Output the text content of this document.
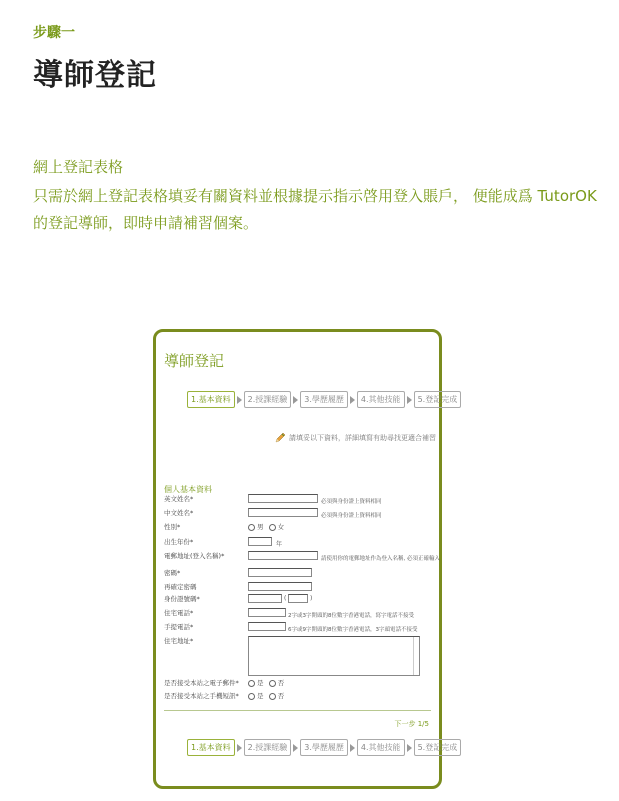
步驟一
導師登記
網上登記表格
只需於網上登記表格填妥有關資料並根據提示指示啓用登入賬戶， 便能成爲 TutorOK 的登記導師，即時申請補習個案。
導師登記
1.基本資料	2.授課經驗	3.學歷履歷	4.其他技能	5.登記完成
請填妥以下資料，詳細填寫有助尋找更適合補習
個人基本資料
英文姓名*	必須與身份證上資料相同
中文姓名*	必須與身份證上資料相同
性別*	男 女
出生年份*	年
電郵地址(登入名稱)*	請使用你的電郵地址作為登入名稱, 必須正確輸入
密碼*
再確定密碼
身份證號碼*	(	)
住宅電話*	2字或3字開頭的8位數字香港電話，寫字電話不接受
手提電話*	6字或9字開頭的8位數字香港電話，3字頭電話不接受
住宅地址*
是否接受本站之電子郵件*	是 否
是否接受本站之手機短訊*	是 否
下一步 1/5
1.基本資料	2.授課經驗	3.學歷履歷	4.其他技能	5.登記完成
